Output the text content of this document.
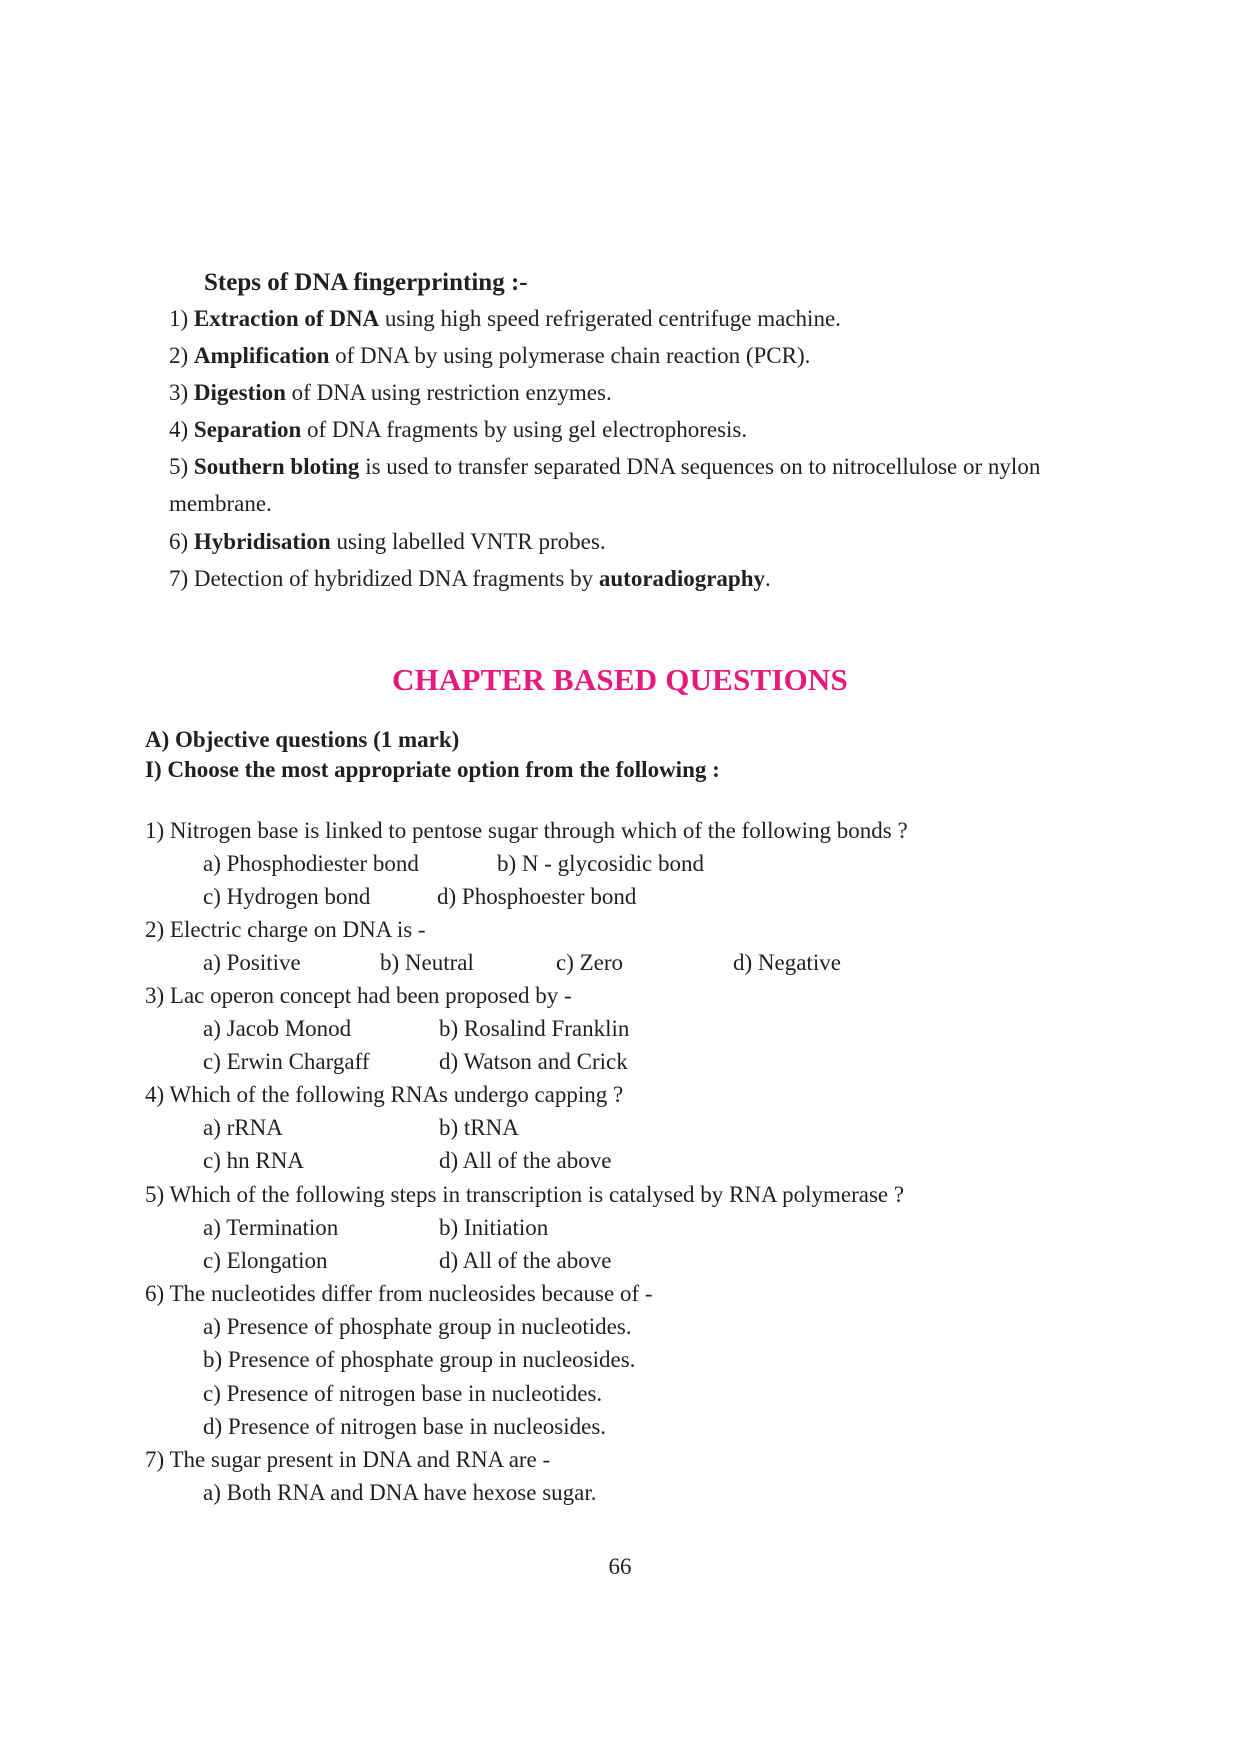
Steps of DNA fingerprinting :-
1) Extraction of DNA using high speed refrigerated centrifuge machine.
2) Amplification of DNA by using polymerase chain reaction (PCR).
3) Digestion of DNA using restriction enzymes.
4) Separation of DNA fragments by using gel electrophoresis.
5) Southern bloting is used to transfer separated DNA sequences on to nitrocellulose or nylon
membrane.
6) Hybridisation using labelled VNTR probes.
7) Detection of hybridized DNA fragments by autoradiography.
CHAPTER BASED QUESTIONS
A) Objective questions (1 mark)
I) Choose the most appropriate option from the following :
1) Nitrogen base is linked to pentose sugar through which of the following bonds ?
a) Phosphodiester bond	b) N - glycosidic bond
c) Hydrogen bond	d) Phosphoester bond
2) Electric charge on DNA is -
a) Positive	b) Neutral	c) Zero	d) Negative
3) Lac operon concept had been proposed by -
a) Jacob Monod	b) Rosalind Franklin
c) Erwin Chargaff	d) Watson and Crick
4) Which of the following RNAs undergo capping ?
a) rRNA	b) tRNA
c) hn RNA	d) All of the above
5) Which of the following steps in transcription is catalysed by RNA polymerase ?
a) Termination	b) Initiation
c) Elongation	d) All of the above
6) The nucleotides differ from nucleosides because of -
a) Presence of phosphate group in nucleotides.
b) Presence of phosphate group in nucleosides.
c) Presence of nitrogen base in nucleotides.
d) Presence of nitrogen base in nucleosides.
7) The sugar present in DNA and RNA are -
a) Both RNA and DNA have hexose sugar.
66
